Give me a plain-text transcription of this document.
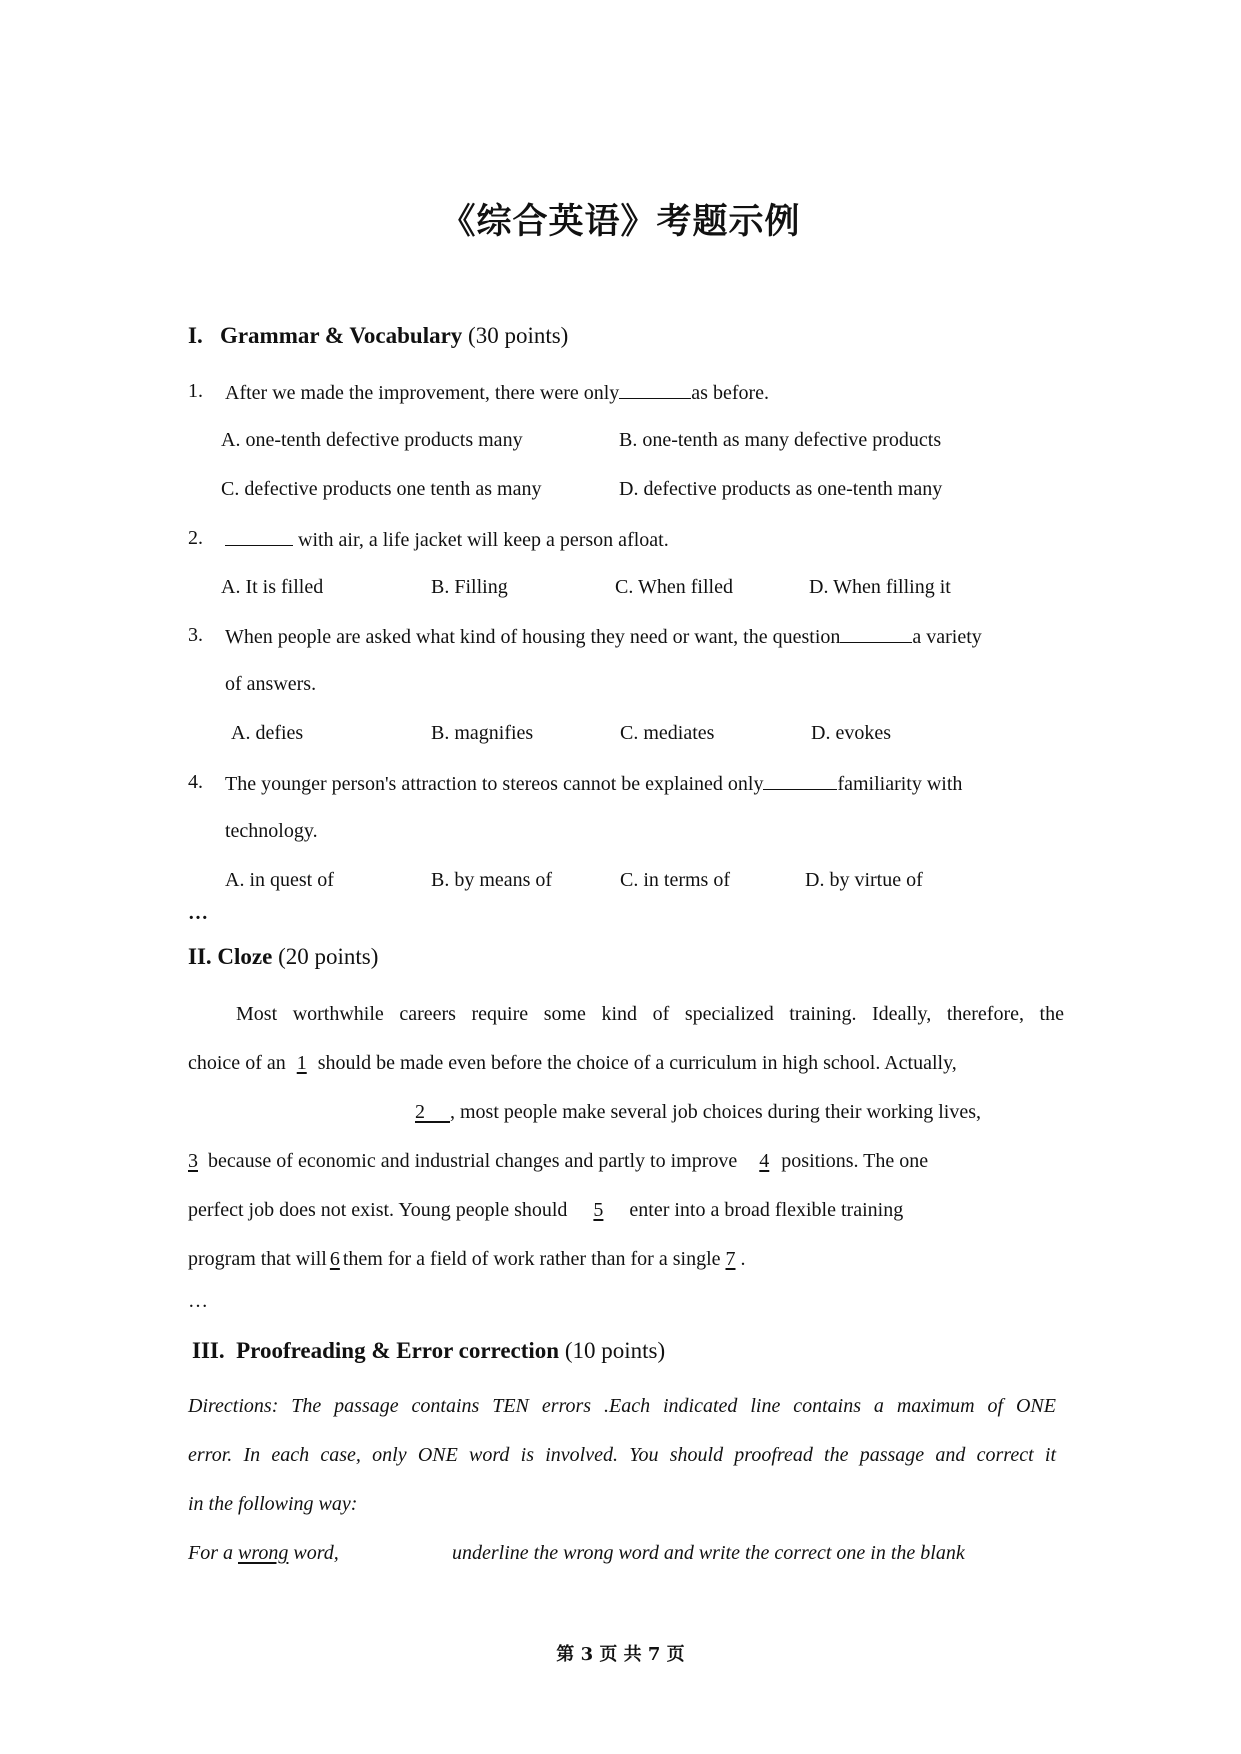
《综合英语》考题示例
I. Grammar & Vocabulary (30 points)
1. After we made the improvement, there were only	as before.
A. one-tenth defective products many	B. one-tenth as many defective products
C. defective products one tenth as many	D. defective products as one-tenth many
2.	with air, a life jacket will keep a person afloat.
A. It is filled	B. Filling	C. When filled	D. When filling it
3. When people are asked what kind of housing they need or want, the question	a variety
of answers.
A. defies	B. magnifies	C. mediates	D. evokes
4. The younger person's attraction to stereos cannot be explained only	familiarity with
technology.
A. in quest of	B. by means of	C. in terms of	D. by virtue of
…
II. Cloze (20 points)
Most worthwhile careers require some kind of specialized training. Ideally, therefore, the
choice of an 1 should be made even before the choice of a curriculum in high school. Actually,
2 , most people make several job choices during their working lives,
3 because of economic and industrial changes and partly to improve 4 positions. The one
perfect job does not exist. Young people should 5 enter into a broad flexible training
program that will 6 them for a field of work rather than for a single 7 .
…
III. Proofreading & Error correction (10 points)
Directions: The passage contains TEN errors .Each indicated line contains a maximum of ONE
error. In each case, only ONE word is involved. You should proofread the passage and correct it
in the following way:
For a wrong word,	underline the wrong word and write the correct one in the blank
第 3 页 共 7 页
